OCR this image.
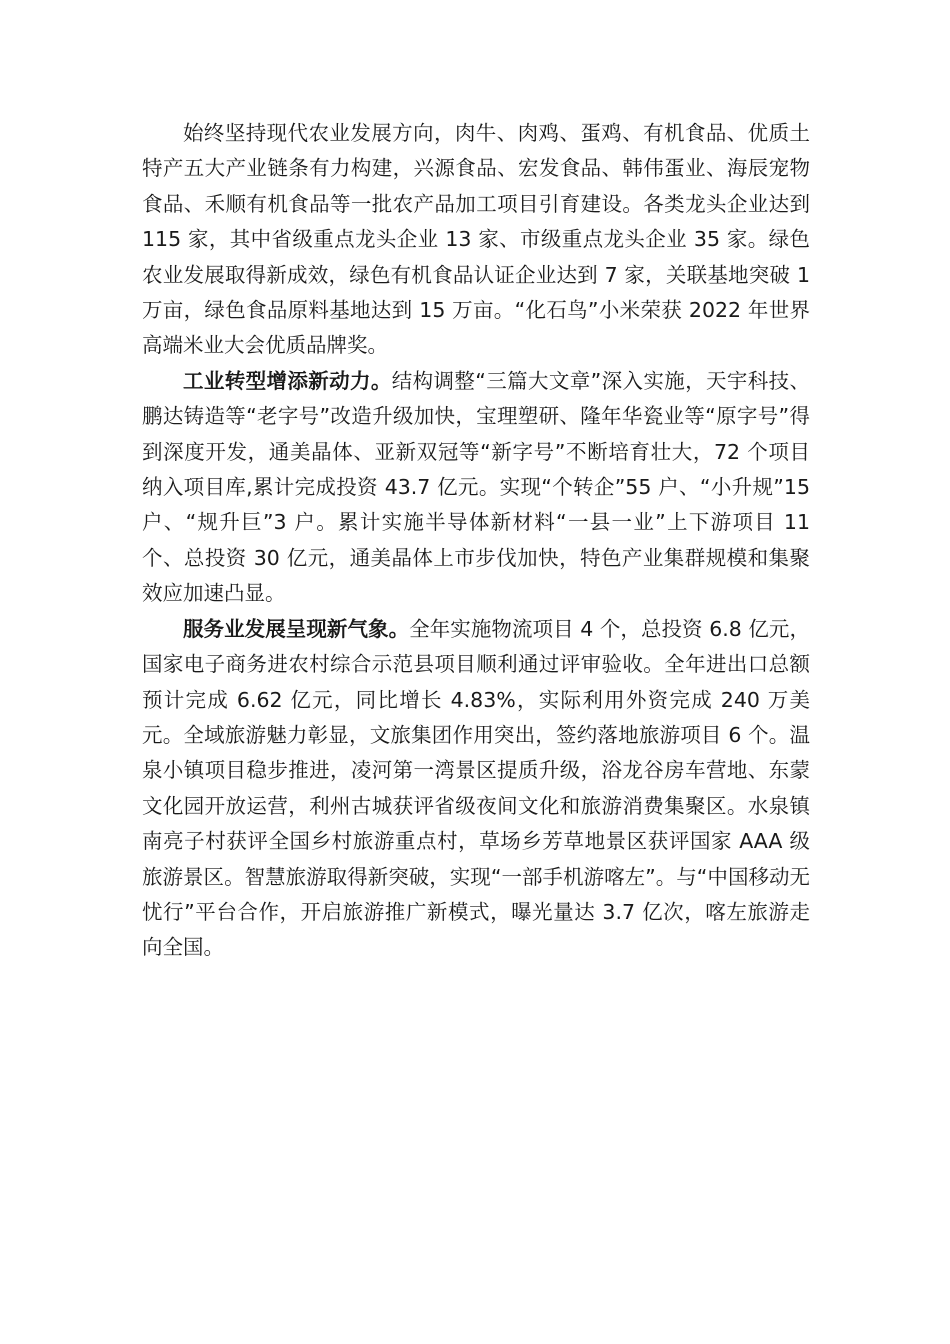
始终坚持现代农业发展方向，肉牛、肉鸡、蛋鸡、有机食品、优质土特产五大产业链条有力构建，兴源食品、宏发食品、韩伟蛋业、海辰宠物食品、禾顺有机食品等一批农产品加工项目引育建设。各类龙头企业达到 115 家，其中省级重点龙头企业 13 家、市级重点龙头企业 35 家。绿色农业发展取得新成效，绿色有机食品认证企业达到 7 家，关联基地突破 1 万亩，绿色食品原料基地达到 15 万亩。“化石鸟”小米荣获 2022 年世界高端米业大会优质品牌奖。

工业转型增添新动力。结构调整“三篇大文章”深入实施，天宇科技、鹏达铸造等“老字号”改造升级加快，宝理塑研、隆年华瓷业等“原字号”得到深度开发，通美晶体、亚新双冠等“新字号”不断培育壮大，72 个项目纳入项目库,累计完成投资 43.7 亿元。实现“个转企”55 户、“小升规”15 户、“规升巨”3 户。累计实施半导体新材料“一县一业”上下游项目 11 个、总投资 30 亿元，通美晶体上市步伐加快，特色产业集群规模和集聚效应加速凸显。

服务业发展呈现新气象。全年实施物流项目 4 个，总投资 6.8 亿元，国家电子商务进农村综合示范县项目顺利通过评审验收。全年进出口总额预计完成 6.62 亿元，同比增长 4.83%，实际利用外资完成 240 万美元。全域旅游魅力彰显，文旅集团作用突出，签约落地旅游项目 6 个。温泉小镇项目稳步推进，凌河第一湾景区提质升级，浴龙谷房车营地、东蒙文化园开放运营，利州古城获评省级夜间文化和旅游消费集聚区。水泉镇南亮子村获评全国乡村旅游重点村，草场乡芳草地景区获评国家 AAA 级旅游景区。智慧旅游取得新突破，实现“一部手机游喀左”。与“中国移动无忧行”平台合作，开启旅游推广新模式，曝光量达 3.7 亿次，喀左旅游走向全国。
